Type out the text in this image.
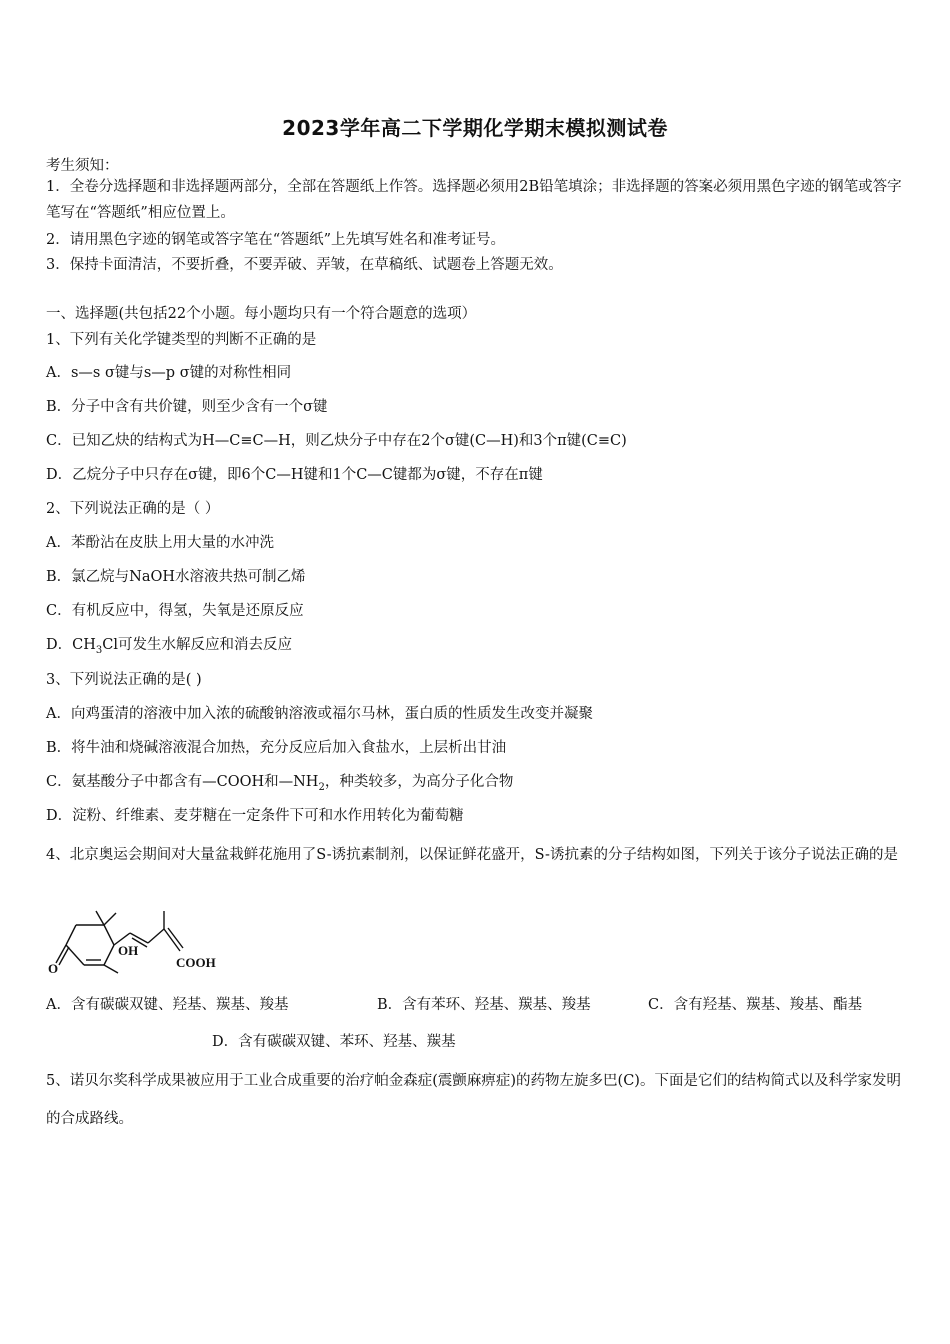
2023学年高二下学期化学期末模拟测试卷
考生须知：
1．全卷分选择题和非选择题两部分，全部在答题纸上作答。选择题必须用2B铅笔填涂；非选择题的答案必须用黑色字迹的钢笔或答字笔写在“答题纸”相应位置上。
2．请用黑色字迹的钢笔或答字笔在“答题纸”上先填写姓名和准考证号。
3．保持卡面清洁，不要折叠，不要弄破、弄皱，在草稿纸、试题卷上答题无效。
一、选择题(共包括22个小题。每小题均只有一个符合题意的选项）
1、下列有关化学键类型的判断不正确的是
A．s—s σ键与s—p σ键的对称性相同
B．分子中含有共价键，则至少含有一个σ键
C．已知乙炔的结构式为H—C≡C—H，则乙炔分子中存在2个σ键(C—H)和3个π键(C≡C)
D．乙烷分子中只存在σ键，即6个C—H键和1个C—C键都为σ键，不存在π键
2、下列说法正确的是（ ）
A．苯酚沾在皮肤上用大量的水冲洗
B．氯乙烷与NaOH水溶液共热可制乙烯
C．有机反应中，得氢，失氧是还原反应
D．$CH_3Cl$可发生水解反应和消去反应
3、下列说法正确的是( )
A．向鸡蛋清的溶液中加入浓的硫酸钠溶液或福尔马林，蛋白质的性质发生改变并凝聚
B．将牛油和烧碱溶液混合加热，充分反应后加入食盐水，上层析出甘油
C．氨基酸分子中都含有—COOH和$—NH_2$，种类较多，为高分子化合物
D．淀粉、纤维素、麦芽糖在一定条件下可和水作用转化为葡萄糖
4、北京奥运会期间对大量盆栽鲜花施用了S-诱抗素制剂，以保证鲜花盛开，S-诱抗素的分子结构如图，下列关于该分子说法正确的是
OH
COOH
O
A．含有碳碳双键、羟基、羰基、羧基	B．含有苯环、羟基、羰基、羧基	C．含有羟基、羰基、羧基、酯基
D．含有碳碳双键、苯环、羟基、羰基
5、诺贝尔奖科学成果被应用于工业合成重要的治疗帕金森症(震颤麻痹症)的药物左旋多巴(C)。下面是它们的结构简式以及科学家发明的合成路线。
